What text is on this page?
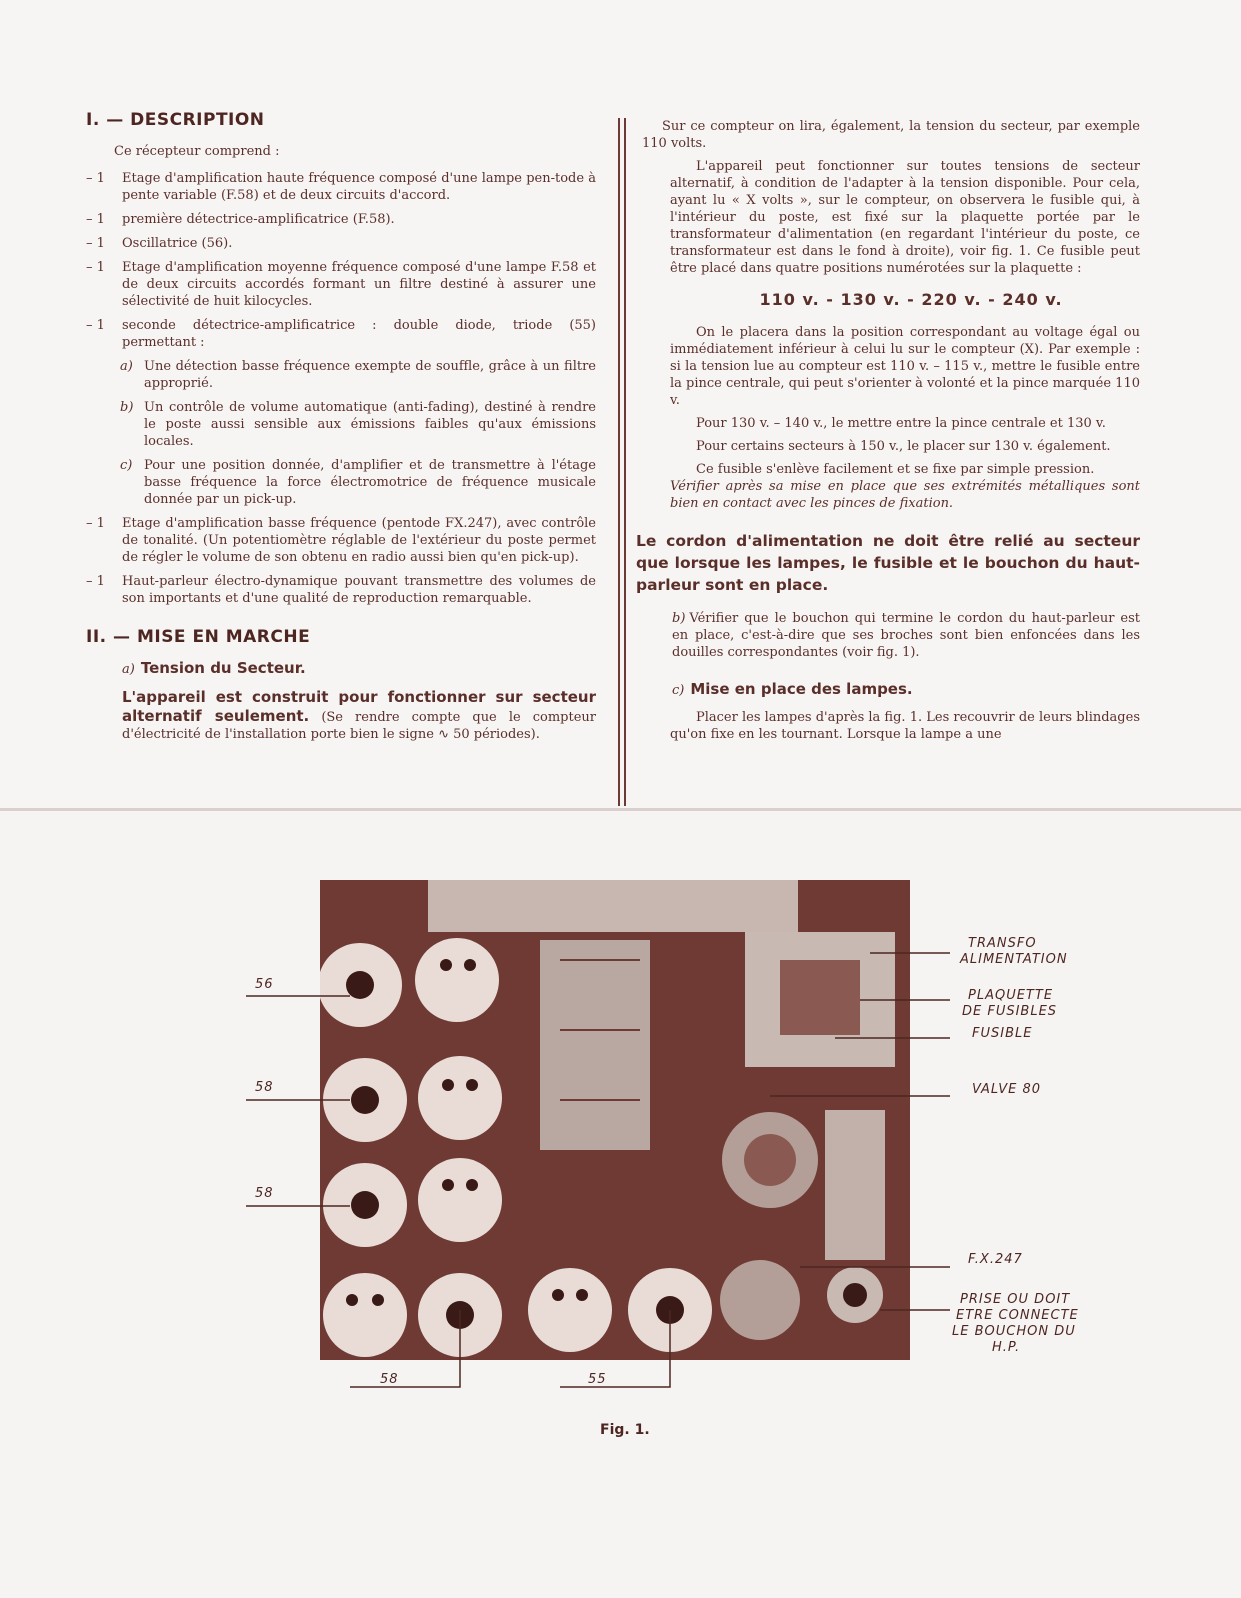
I. — DESCRIPTION
Ce récepteur comprend :
– 1	Etage d'amplification haute fréquence composé d'une lampe pen-tode à pente variable (F.58) et de deux circuits d'accord.
– 1	première détectrice-amplificatrice (F.58).
– 1	Oscillatrice (56).
– 1	Etage d'amplification moyenne fréquence composé d'une lampe F.58 et de deux circuits accordés formant un filtre destiné à assurer une sélectivité de huit kilocycles.
– 1	seconde détectrice-amplificatrice : double diode, triode (55) permettant :
a) Une détection basse fréquence exempte de souffle, grâce à un filtre approprié.
b) Un contrôle de volume automatique (anti-fading), destiné à rendre le poste aussi sensible aux émissions faibles qu'aux émissions locales.
c) Pour une position donnée, d'amplifier et de transmettre à l'étage basse fréquence la force électromotrice de fréquence musicale donnée par un pick-up.
– 1	Etage d'amplification basse fréquence (pentode FX.247), avec contrôle de tonalité. (Un potentiomètre réglable de l'extérieur du poste permet de régler le volume de son obtenu en radio aussi bien qu'en pick-up).
– 1	Haut-parleur électro-dynamique pouvant transmettre des volumes de son importants et d'une qualité de reproduction remarquable.
II. — MISE EN MARCHE
a) Tension du Secteur.
L'appareil est construit pour fonctionner sur secteur alternatif seulement. (Se rendre compte que le compteur d'électricité de l'installation porte bien le signe ∿ 50 périodes).
Sur ce compteur on lira, également, la tension du secteur, par exemple 110 volts.
L'appareil peut fonctionner sur toutes tensions de secteur alternatif, à condition de l'adapter à la tension disponible. Pour cela, ayant lu « X volts », sur le compteur, on observera le fusible qui, à l'intérieur du poste, est fixé sur la plaquette portée par le transformateur d'alimentation (en regardant l'intérieur du poste, ce transformateur est dans le fond à droite), voir fig. 1. Ce fusible peut être placé dans quatre positions numérotées sur la plaquette :
110 v. - 130 v. - 220 v. - 240 v.
On le placera dans la position correspondant au voltage égal ou immédiatement inférieur à celui lu sur le compteur (X). Par exemple : si la tension lue au compteur est 110 v. – 115 v., mettre le fusible entre la pince centrale, qui peut s'orienter à volonté et la pince marquée 110 v.
Pour 130 v. – 140 v., le mettre entre la pince centrale et 130 v.
Pour certains secteurs à 150 v., le placer sur 130 v. également.
Ce fusible s'enlève facilement et se fixe par simple pression.
Vérifier après sa mise en place que ses extrémités métalliques sont bien en contact avec les pinces de fixation.
Le cordon d'alimentation ne doit être relié au secteur que lorsque les lampes, le fusible et le bouchon du haut-parleur sont en place.
b) Vérifier que le bouchon qui termine le cordon du haut-parleur est en place, c'est-à-dire que ses broches sont bien enfoncées dans les douilles correspondantes (voir fig. 1).
c) Mise en place des lampes.
Placer les lampes d'après la fig. 1. Les recouvrir de leurs blindages qu'on fixe en les tournant. Lorsque la lampe a une
56
58
58
58	55
TRANSFO
ALIMENTATION
PLAQUETTE
DE FUSIBLES
FUSIBLE
VALVE 80
F.X.247
PRISE OU DOIT
ETRE CONNECTE
LE BOUCHON DU
H.P.
Fig. 1.
